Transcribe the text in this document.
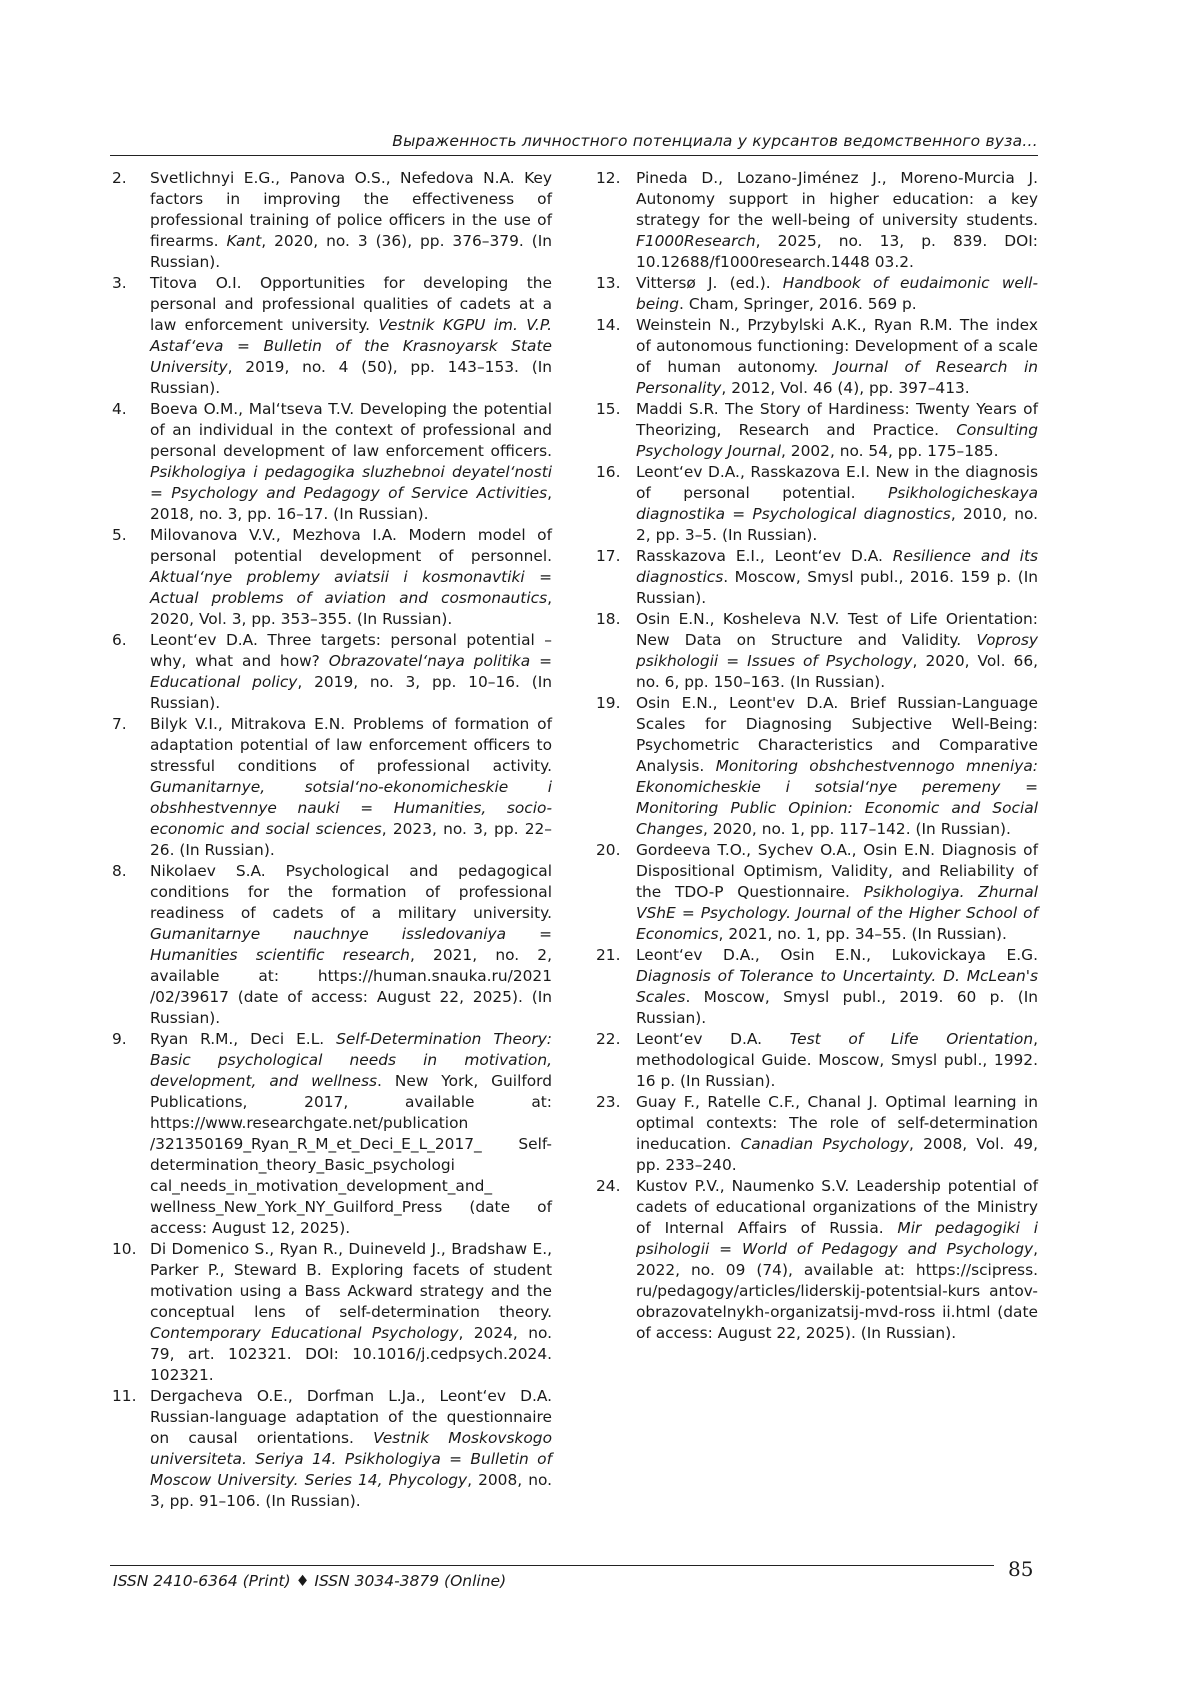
Выраженность личностного потенциала у курсантов ведомственного вуза…
2.	Svetlichnyi E.G., Panova O.S., Nefedova N.A. Key factors in improving the effectiveness of professional training of police officers in the use of firearms. Kant, 2020, no. 3 (36), pp. 376–379. (In Russian).
3.	Titova O.I. Opportunities for developing the personal and professional qualities of cadets at a law enforcement university. Vestnik KGPU im. V.P. Astaf‘eva = Bulletin of the Krasnoyarsk State University, 2019, no. 4 (50), pp. 143–153. (In Russian).
4.	Boeva O.M., Mal‘tseva T.V. Developing the potential of an individual in the context of professional and personal development of law enforcement officers. Psikhologiya i pedagogika sluzhebnoi deyatel‘nosti = Psychology and Pedagogy of Service Activities, 2018, no. 3, pp. 16–17. (In Russian).
5.	Milovanova V.V., Mezhova I.A. Modern model of personal potential development of personnel. Aktual‘nye problemy aviatsii i kosmonavtiki = Actual problems of aviation and cosmonautics, 2020, Vol. 3, pp. 353–355. (In Russian).
6.	Leont‘ev D.A. Three targets: personal potential – why, what and how? Obrazovatel‘naya politika = Educational policy, 2019, no. 3, pp. 10–16. (In Russian).
7.	Bilyk V.I., Mitrakova E.N. Problems of formation of adaptation potential of law enforcement officers to stressful conditions of professional activity. Gumanitarnye, sotsial‘no-ekonomicheskie i obshhestvennye nauki = Humanities, socio-economic and social sciences, 2023, no. 3, pp. 22–26. (In Russian).
8.	Nikolaev S.A. Psychological and pedagogical conditions for the formation of professional readiness of cadets of a military university. Gumanitarnye nauchnye issledovaniya = Humanities scientific research, 2021, no. 2, available at: https://human.snauka.ru/2021 /02/39617 (date of access: August 22, 2025). (In Russian).
9.	Ryan R.M., Deci E.L. Self-Determination Theory: Basic psychological needs in motivation, development, and wellness. New York, Guilford Publications, 2017, available at: https://www.researchgate.net/publication /321350169_Ryan_R_M_et_Deci_E_L_2017_ Self-determination_theory_Basic_psychologi cal_needs_in_motivation_development_and_ wellness_New_York_NY_Guilford_Press (date of access: August 12, 2025).
10. Di Domenico S., Ryan R., Duineveld J., Bradshaw E., Parker P., Steward B. Exploring facets of student motivation using a Bass Ackward strategy and the conceptual lens of self-determination theory. Contemporary Educational Psychology, 2024, no. 79, art. 102321. DOI: 10.1016/j.cedpsych.2024. 102321.
11. Dergacheva O.E., Dorfman L.Ja., Leont‘ev D.A. Russian-language adaptation of the questionnaire on causal orientations. Vestnik Moskovskogo universiteta. Seriya 14. Psikhologiya = Bulletin of Moscow University. Series 14, Phycology, 2008, no. 3, pp. 91–106. (In Russian).
12.	Pineda D., Lozano-Jiménez J., Moreno-Murcia J. Autonomy support in higher education: a key strategy for the well-being of university students. F1000Research, 2025, no. 13, p. 839. DOI: 10.12688/f1000research.1448 03.2.
13.	Vittersø J. (ed.). Handbook of eudaimonic well-being. Cham, Springer, 2016. 569 p.
14.	Weinstein N., Przybylski A.K., Ryan R.M. The index of autonomous functioning: Development of a scale of human autonomy. Journal of Research in Personality, 2012, Vol. 46 (4), pp. 397–413.
15.	Maddi S.R. The Story of Hardiness: Twenty Years of Theorizing, Research and Practice. Consulting Psychology Journal, 2002, no. 54, pp. 175–185.
16.	Leont‘ev D.A., Rasskazova E.I. New in the diagnosis of personal potential. Psikhologicheskaya diagnostika = Psychological diagnostics, 2010, no. 2, pp. 3–5. (In Russian).
17.	Rasskazova E.I., Leont‘ev D.A. Resilience and its diagnostics. Moscow, Smysl publ., 2016. 159 p. (In Russian).
18.	Osin E.N., Kosheleva N.V. Test of Life Orientation: New Data on Structure and Validity. Voprosy psikhologii = Issues of Psychology, 2020, Vol. 66, no. 6, pp. 150–163. (In Russian).
19.	Osin E.N., Leont'ev D.A. Brief Russian-Language Scales for Diagnosing Subjective Well-Being: Psychometric Characteristics and Comparative Analysis. Monitoring obshchestvennogo mneniya: Ekonomicheskie i sotsial‘nye peremeny = Monitoring Public Opinion: Economic and Social Changes, 2020, no. 1, pp. 117–142. (In Russian).
20.	Gordeeva T.O., Sychev O.A., Osin E.N. Diagnosis of Dispositional Optimism, Validity, and Reliability of the TDO-P Questionnaire. Psikhologiya. Zhurnal VShE = Psychology. Journal of the Higher School of Economics, 2021, no. 1, pp. 34–55. (In Russian).
21.	Leont‘ev D.A., Osin E.N., Lukovickaya E.G. Diagnosis of Tolerance to Uncertainty. D. McLean's Scales. Moscow, Smysl publ., 2019. 60 p. (In Russian).
22.	Leont‘ev D.A. Test of Life Orientation, methodological Guide. Moscow, Smysl publ., 1992. 16 p. (In Russian).
23.	Guay F., Ratelle C.F., Chanal J. Optimal learning in optimal contexts: The role of self-determination ineducation. Canadian Psychology, 2008, Vol. 49, pp. 233–240.
24.	Kustov P.V., Naumenko S.V. Leadership potential of cadets of educational organizations of the Ministry of Internal Affairs of Russia. Mir pedagogiki i psihologii = World of Pedagogy and Psychology, 2022, no. 09 (74), available at: https://scipress. ru/pedagogy/articles/liderskij-potentsial-kurs antov-obrazovatelnykh-organizatsij-mvd-ross ii.html (date of access: August 22, 2025). (In Russian).
ISSN 2410-6364 (Print) ♦ ISSN 3034-3879 (Online)	85
